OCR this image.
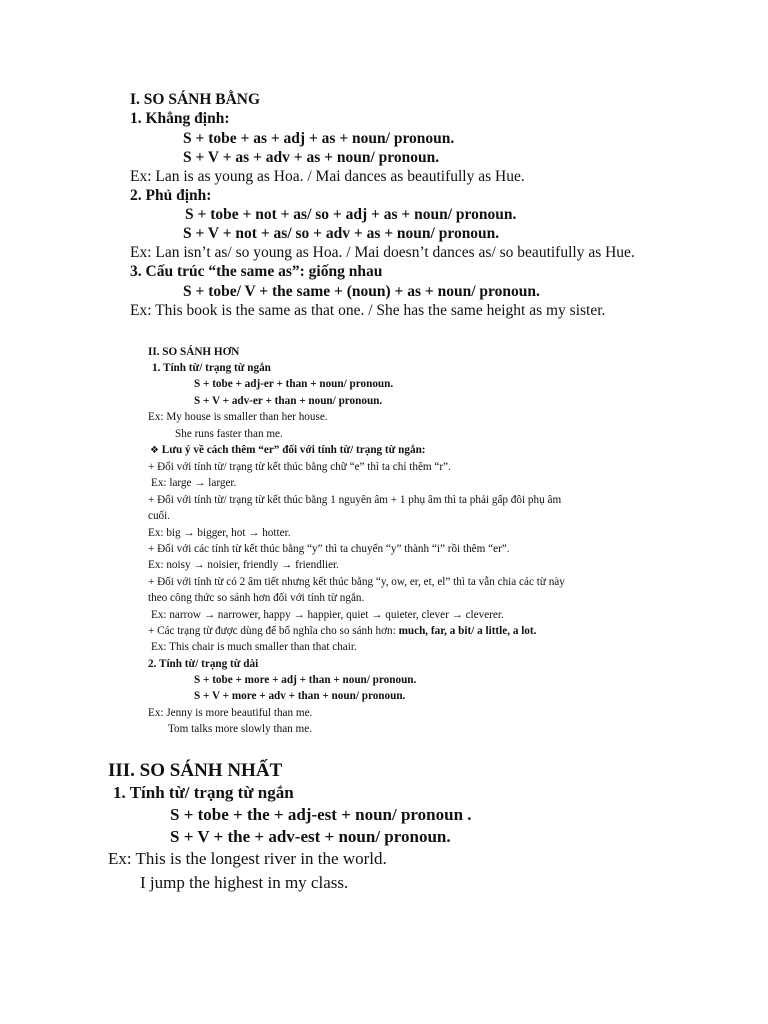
I. SO SÁNH BẰNG
1. Khẳng định:
S + tobe + as + adj + as + noun/ pronoun.
S + V + as + adv + as + noun/ pronoun.
Ex: Lan is as young as Hoa. / Mai dances as beautifully as Hue.
2. Phủ định:
S + tobe + not + as/ so + adj + as + noun/ pronoun.
S + V + not + as/ so + adv + as + noun/ pronoun.
Ex: Lan isn’t as/ so young as Hoa. / Mai doesn’t dances as/ so beautifully as Hue.
3. Cấu trúc “the same as”: giống nhau
S + tobe/ V + the same + (noun) + as + noun/ pronoun.
Ex: This book is the same as that one. / She has the same height as my sister.
II. SO SÁNH HƠN
1. Tính từ/ trạng từ ngắn
S + tobe + adj-er + than + noun/ pronoun.
S + V + adv-er + than + noun/ pronoun.
Ex: My house is smaller than her house.
She runs faster than me.
❖ Lưu ý về cách thêm “er” đối với tính từ/ trạng từ ngắn:
+ Đối với tính từ/ trạng từ kết thúc bằng chữ “e” thì ta chỉ thêm “r”.
Ex: large → larger.
+ Đối với tính từ/ trạng từ kết thúc bằng 1 nguyên âm + 1 phụ âm thì ta phải gấp đôi phụ âm
cuối.
Ex: big → bigger, hot → hotter.
+ Đối với các tính từ kết thúc bằng “y” thì ta chuyển “y” thành “i” rồi thêm “er”.
Ex: noisy → noisier, friendly → friendlier.
+ Đối với tính từ có 2 âm tiết nhưng kết thúc bằng “y, ow, er, et, el” thì ta vẫn chia các từ này
theo công thức so sánh hơn đối với tính từ ngắn.
Ex: narrow → narrower, happy → happier, quiet → quieter, clever → cleverer.
+ Các trạng từ được dùng để bổ nghĩa cho so sánh hơn: much, far, a bit/ a little, a lot.
Ex: This chair is much smaller than that chair.
2. Tính từ/ trạng từ dài
S + tobe + more + adj + than + noun/ pronoun.
S + V + more + adv + than + noun/ pronoun.
Ex: Jenny is more beautiful than me.
Tom talks more slowly than me.
III. SO SÁNH NHẤT
1. Tính từ/ trạng từ ngắn
S + tobe + the + adj-est + noun/ pronoun .
S + V + the + adv-est + noun/ pronoun.
Ex: This is the longest river in the world.
I jump the highest in my class.
